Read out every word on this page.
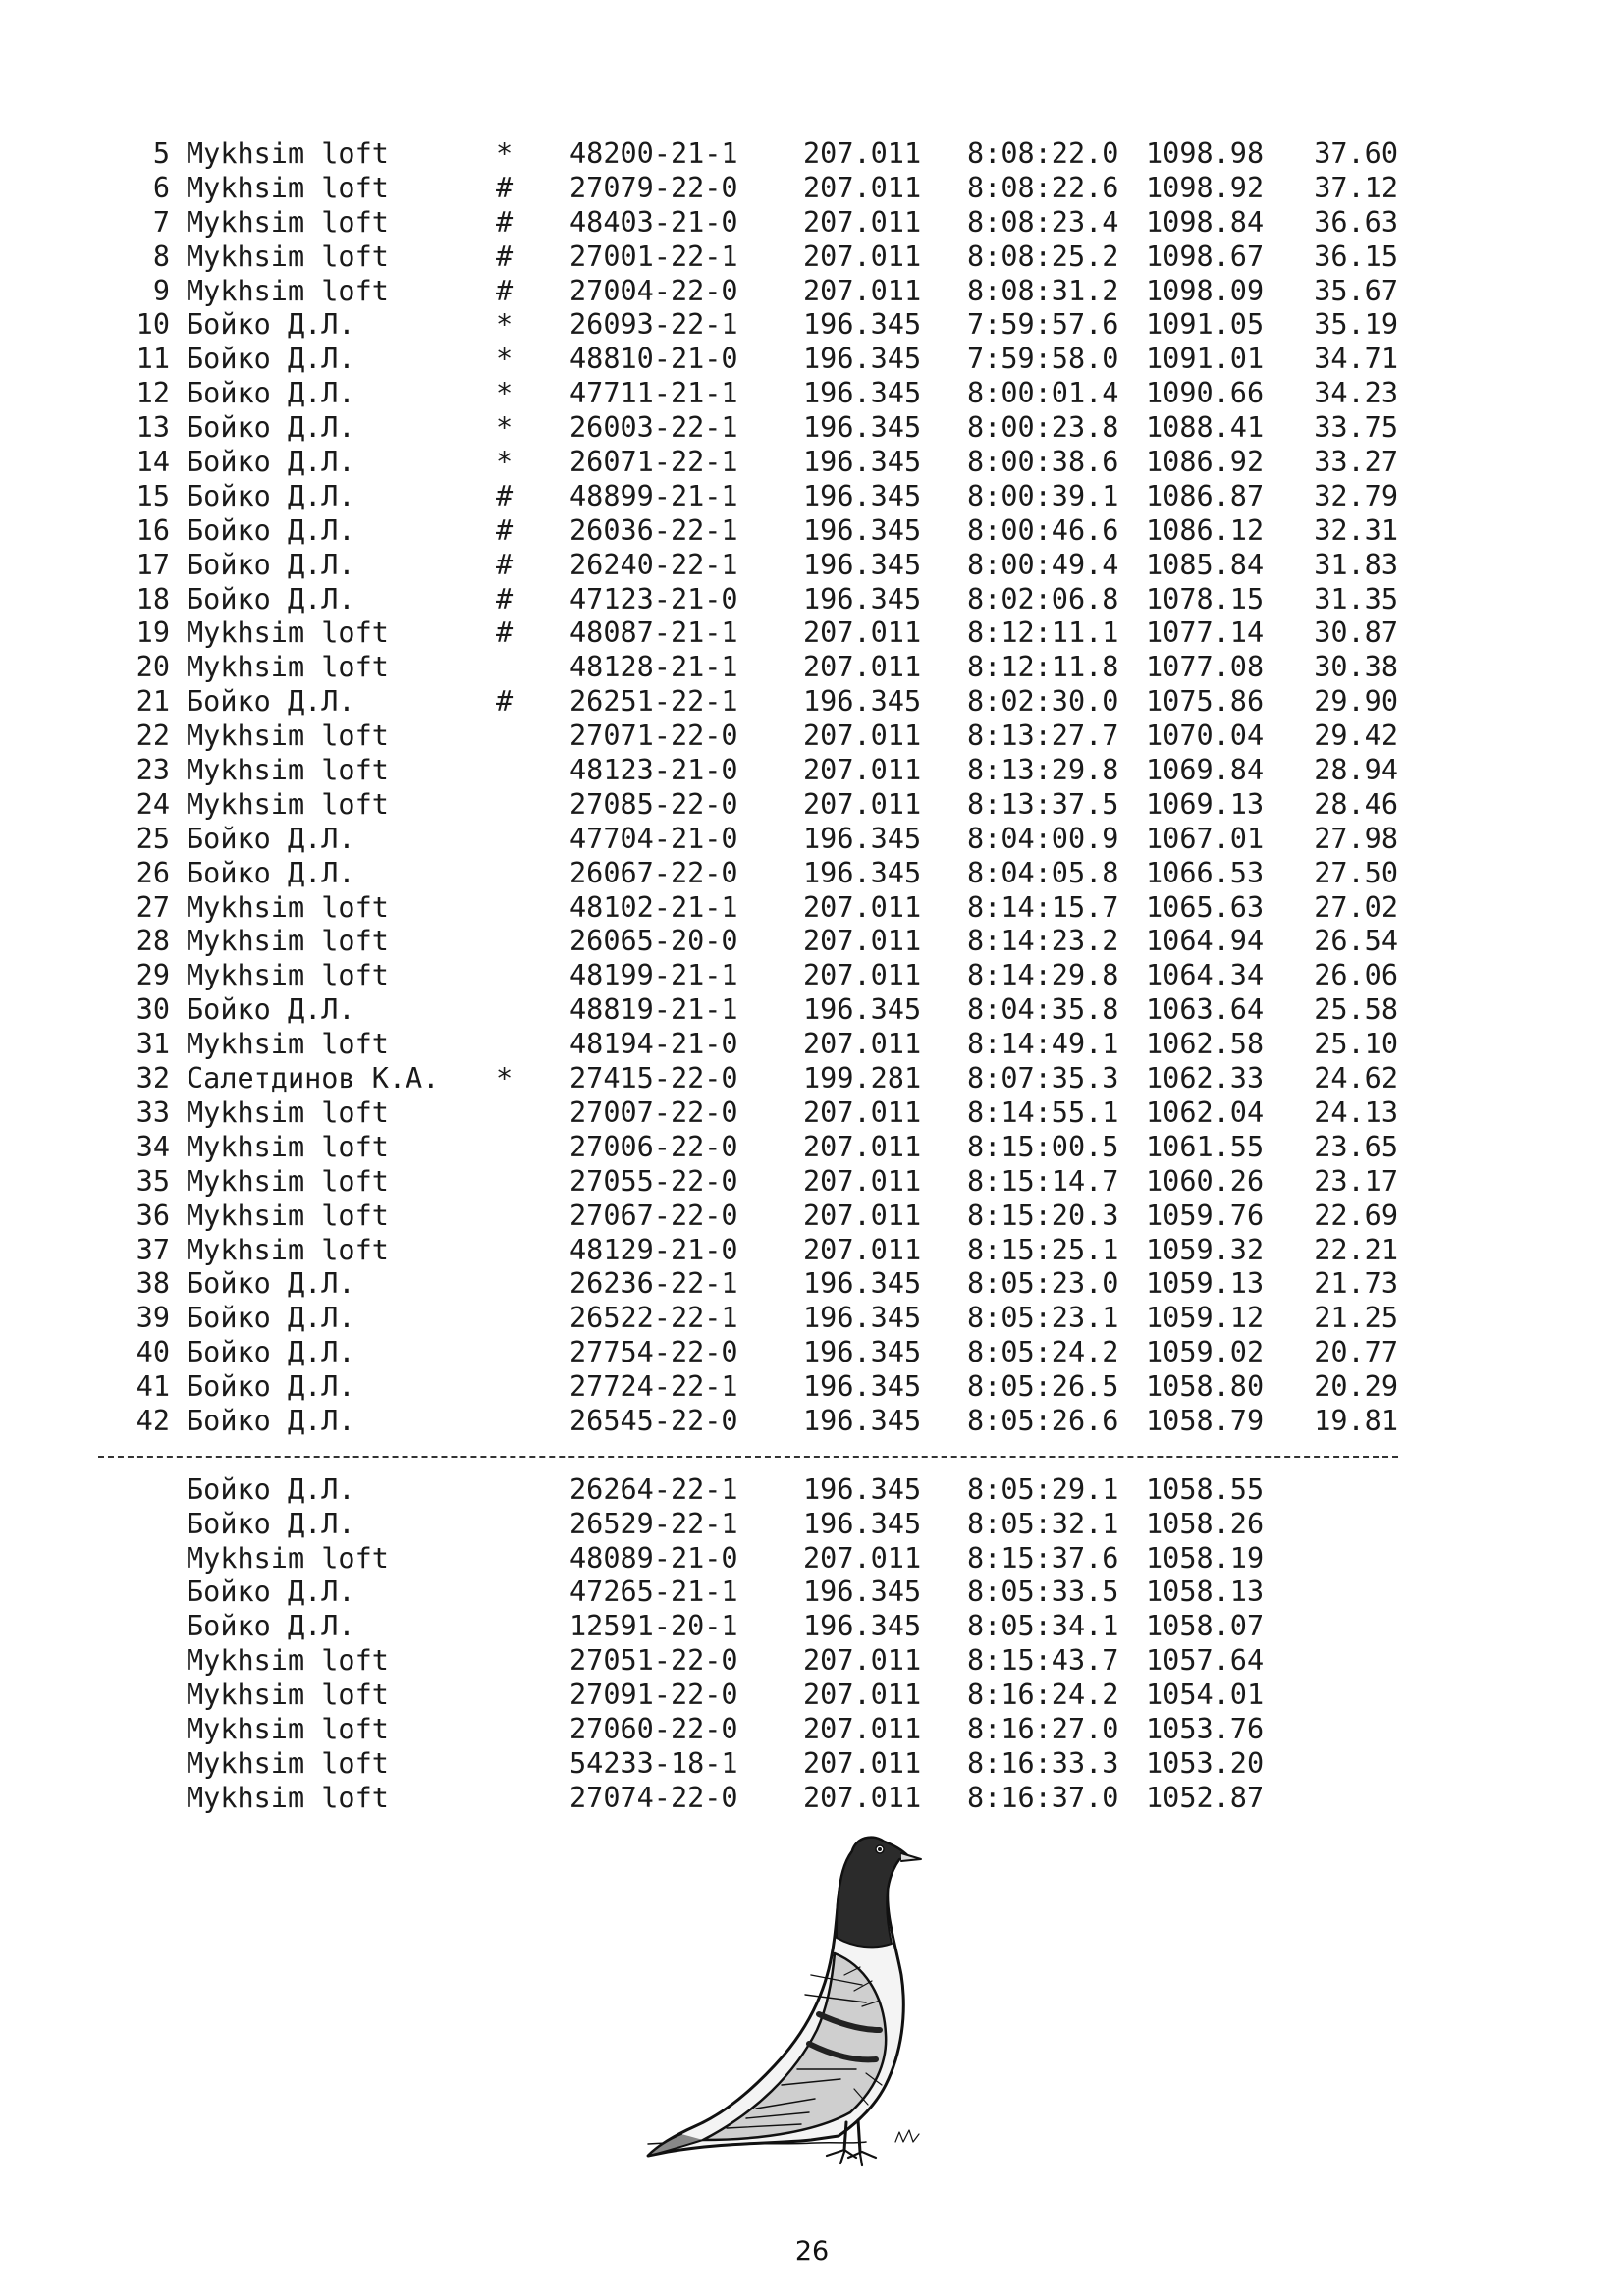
5 Mykhsim loft	* 48200-21-1 207.011 8:08:22.0 1098.98	37.60
6 Mykhsim loft	# 27079-22-0 207.011 8:08:22.6 1098.92	37.12
7 Mykhsim loft	# 48403-21-0 207.011 8:08:23.4 1098.84	36.63
8 Mykhsim loft	# 27001-22-1 207.011 8:08:25.2 1098.67	36.15
9 Mykhsim loft	# 27004-22-0 207.011 8:08:31.2 1098.09	35.67
10 Бойко Д.Л.	* 26093-22-1 196.345 7:59:57.6 1091.05	35.19
11 Бойко Д.Л.	* 48810-21-0 196.345 7:59:58.0 1091.01	34.71
12 Бойко Д.Л.	* 47711-21-1 196.345 8:00:01.4 1090.66	34.23
13 Бойко Д.Л.	* 26003-22-1 196.345 8:00:23.8 1088.41	33.75
14 Бойко Д.Л.	* 26071-22-1 196.345 8:00:38.6 1086.92	33.27
15 Бойко Д.Л.	# 48899-21-1 196.345 8:00:39.1 1086.87	32.79
16 Бойко Д.Л.	# 26036-22-1 196.345 8:00:46.6 1086.12	32.31
17 Бойко Д.Л.	# 26240-22-1 196.345 8:00:49.4 1085.84	31.83
18 Бойко Д.Л.	# 47123-21-0 196.345 8:02:06.8 1078.15	31.35
19 Mykhsim loft	# 48087-21-1 207.011 8:12:11.1 1077.14	30.87
20 Mykhsim loft	48128-21-1 207.011 8:12:11.8 1077.08	30.38
21 Бойко Д.Л.	# 26251-22-1 196.345 8:02:30.0 1075.86	29.90
22 Mykhsim loft	27071-22-0 207.011 8:13:27.7 1070.04	29.42
23 Mykhsim loft	48123-21-0 207.011 8:13:29.8 1069.84	28.94
24 Mykhsim loft	27085-22-0 207.011 8:13:37.5 1069.13	28.46
25 Бойко Д.Л.	47704-21-0 196.345 8:04:00.9 1067.01	27.98
26 Бойко Д.Л.	26067-22-0 196.345 8:04:05.8 1066.53	27.50
27 Mykhsim loft	48102-21-1 207.011 8:14:15.7 1065.63	27.02
28 Mykhsim loft	26065-20-0 207.011 8:14:23.2 1064.94	26.54
29 Mykhsim loft	48199-21-1 207.011 8:14:29.8 1064.34	26.06
30 Бойко Д.Л.	48819-21-1 196.345 8:04:35.8 1063.64	25.58
31 Mykhsim loft	48194-21-0 207.011 8:14:49.1 1062.58	25.10
32 Салетдинов К.А. * 27415-22-0 199.281 8:07:35.3 1062.33	24.62
33 Mykhsim loft	27007-22-0 207.011 8:14:55.1 1062.04	24.13
34 Mykhsim loft	27006-22-0 207.011 8:15:00.5 1061.55	23.65
35 Mykhsim loft	27055-22-0 207.011 8:15:14.7 1060.26	23.17
36 Mykhsim loft	27067-22-0 207.011 8:15:20.3 1059.76	22.69
37 Mykhsim loft	48129-21-0 207.011 8:15:25.1 1059.32	22.21
38 Бойко Д.Л.	26236-22-1 196.345 8:05:23.0 1059.13	21.73
39 Бойко Д.Л.	26522-22-1 196.345 8:05:23.1 1059.12	21.25
40 Бойко Д.Л.	27754-22-0 196.345 8:05:24.2 1059.02	20.77
41 Бойко Д.Л.	27724-22-1 196.345 8:05:26.5 1058.80	20.29
42 Бойко Д.Л.	26545-22-0 196.345 8:05:26.6 1058.79	19.81
Бойко Д.Л.	26264-22-1 196.345 8:05:29.1 1058.55
Бойко Д.Л.	26529-22-1 196.345 8:05:32.1 1058.26
Mykhsim loft	48089-21-0 207.011 8:15:37.6 1058.19
Бойко Д.Л.	47265-21-1 196.345 8:05:33.5 1058.13
Бойко Д.Л.	12591-20-1 196.345 8:05:34.1 1058.07
Mykhsim loft	27051-22-0 207.011 8:15:43.7 1057.64
Mykhsim loft	27091-22-0 207.011 8:16:24.2 1054.01
Mykhsim loft	27060-22-0 207.011 8:16:27.0 1053.76
Mykhsim loft	54233-18-1 207.011 8:16:33.3 1053.20
Mykhsim loft	27074-22-0 207.011 8:16:37.0 1052.87
26
